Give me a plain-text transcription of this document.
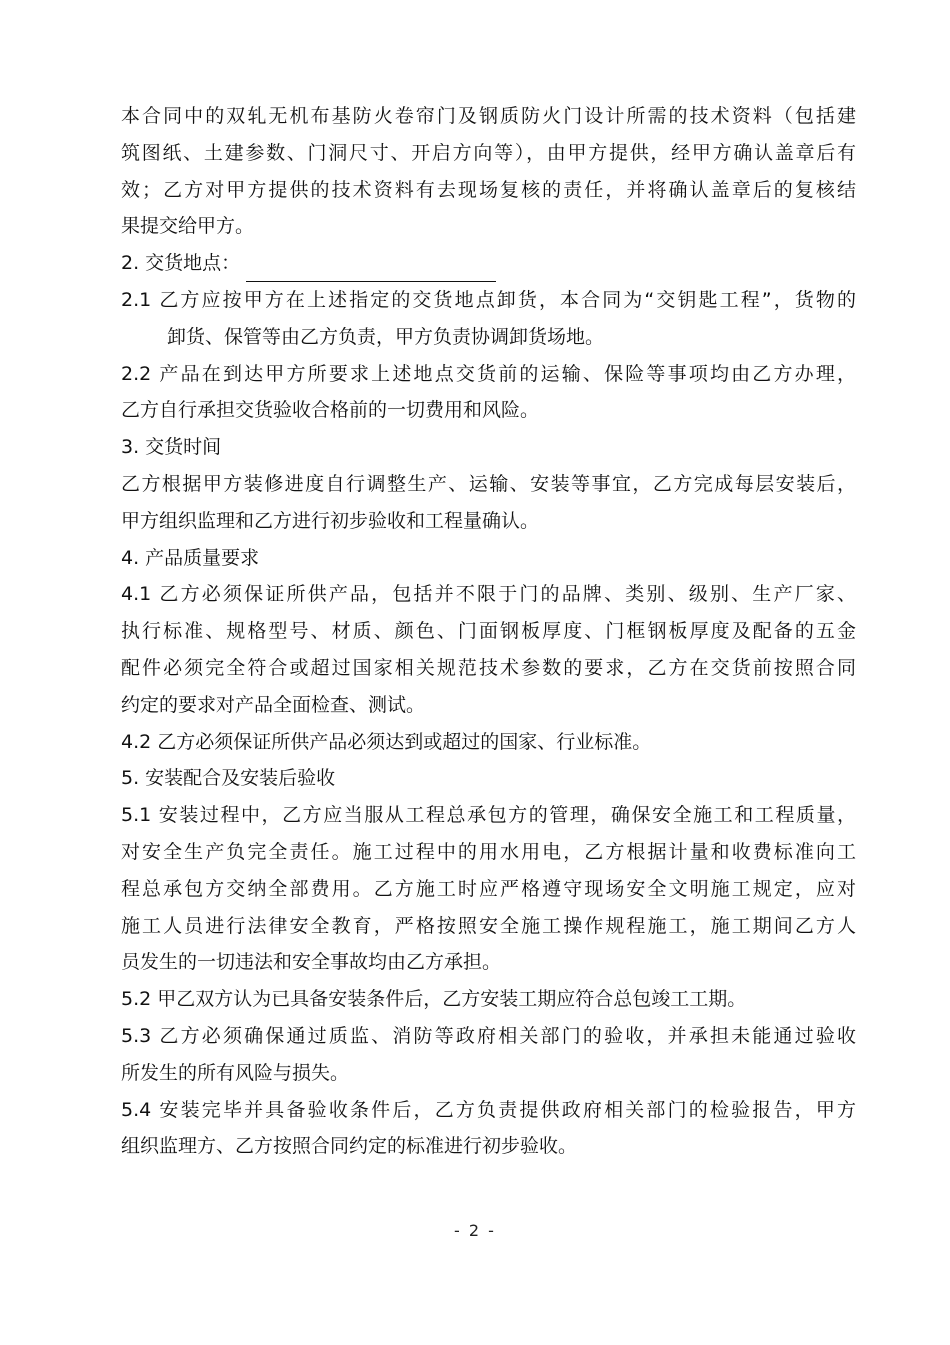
本合同中的双轧无机布基防火卷帘门及钢质防火门设计所需的技术资料（包括建
筑图纸、土建参数、门洞尺寸、开启方向等），由甲方提供，经甲方确认盖章后有
效；乙方对甲方提供的技术资料有去现场复核的责任，并将确认盖章后的复核结
果提交给甲方。
2. 交货地点：
2.1 乙方应按甲方在上述指定的交货地点卸货，本合同为“交钥匙工程”，货物的
卸货、保管等由乙方负责，甲方负责协调卸货场地。
2.2 产品在到达甲方所要求上述地点交货前的运输、保险等事项均由乙方办理，
乙方自行承担交货验收合格前的一切费用和风险。
3. 交货时间
乙方根据甲方装修进度自行调整生产、运输、安装等事宜，乙方完成每层安装后，
甲方组织监理和乙方进行初步验收和工程量确认。
4. 产品质量要求
4.1 乙方必须保证所供产品，包括并不限于门的品牌、类别、级别、生产厂家、
执行标准、规格型号、材质、颜色、门面钢板厚度、门框钢板厚度及配备的五金
配件必须完全符合或超过国家相关规范技术参数的要求，乙方在交货前按照合同
约定的要求对产品全面检查、测试。
4.2 乙方必须保证所供产品必须达到或超过的国家、行业标准。
5. 安装配合及安装后验收
5.1 安装过程中，乙方应当服从工程总承包方的管理，确保安全施工和工程质量，
对安全生产负完全责任。施工过程中的用水用电，乙方根据计量和收费标准向工
程总承包方交纳全部费用。乙方施工时应严格遵守现场安全文明施工规定，应对
施工人员进行法律安全教育，严格按照安全施工操作规程施工，施工期间乙方人
员发生的一切违法和安全事故均由乙方承担。
5.2 甲乙双方认为已具备安装条件后，乙方安装工期应符合总包竣工工期。
5.3 乙方必须确保通过质监、消防等政府相关部门的验收，并承担未能通过验收
所发生的所有风险与损失。
5.4 安装完毕并具备验收条件后，乙方负责提供政府相关部门的检验报告，甲方
组织监理方、乙方按照合同约定的标准进行初步验收。
- 2 -
